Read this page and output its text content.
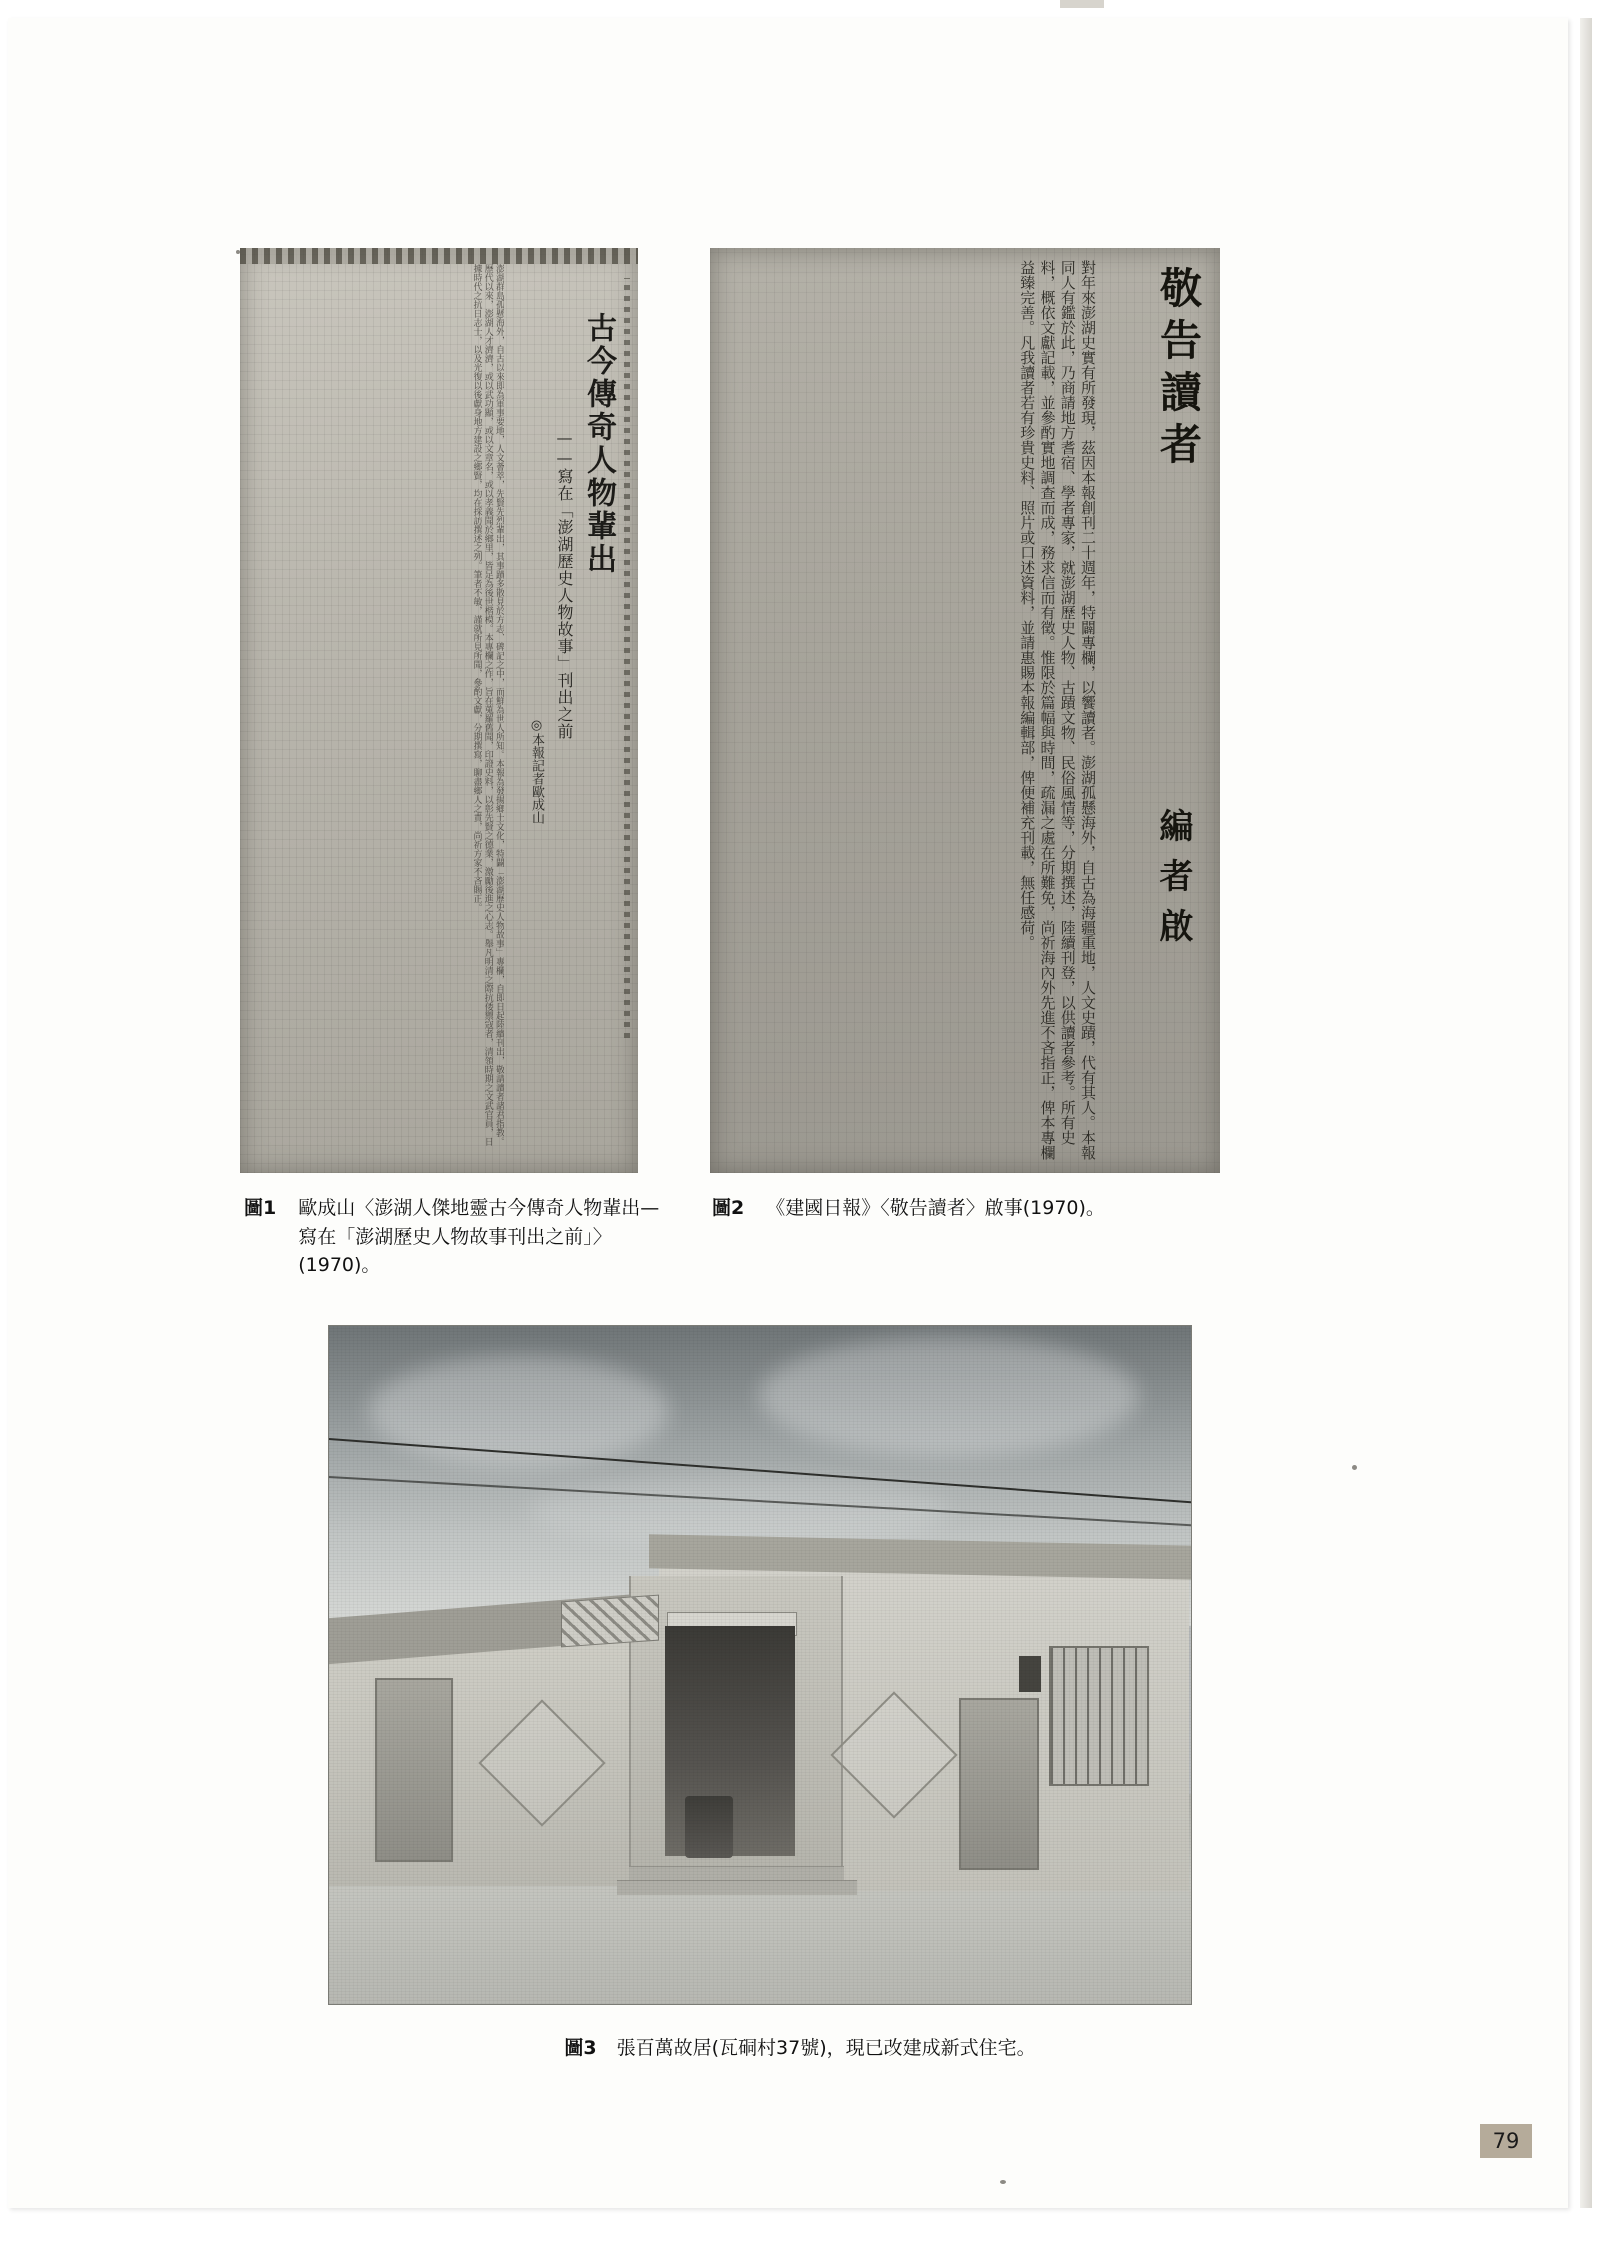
古今傳奇人物輩出
——寫在「澎湖歷史人物故事」刊出之前
◎本報記者歐成山
澎湖群島孤懸海外，自古以來即為軍事要地，人文薈萃，先賢先烈輩出，其事蹟多散見於方志、碑記之中，而鮮為世人所知。本報為發揚鄉土文化，特闢「澎湖歷史人物故事」專欄，自即日起陸續刊出，敬請讀者諸君指教。歷代以來，澎湖人才濟濟，或以武功顯，或以文章名，或以孝義聞於鄉里，皆足為後世楷模。本專欄之作，旨在蒐羅舊聞，印證史料，以彰先賢之德業，激勵後進之心志。舉凡明清之際抗倭禦寇者，清領時期之文武官員，日據時代之抗日志士，以及光復以後獻身地方建設之鄉賢，均在採訪撰述之列。筆者不敏，謹就所見所聞，參酌文獻，分期撰寫，聊盡鄉人之責，尚祈方家不吝賜正。	敬告讀者
編者啟
對年來澎湖史實有所發現，茲因本報創刊二十週年，特闢專欄，以饗讀者。澎湖孤懸海外，自古為海疆重地，人文史蹟，代有其人。本報同人有鑑於此，乃商請地方耆宿、學者專家，就澎湖歷史人物、古蹟文物、民俗風情等，分期撰述，陸續刊登，以供讀者參考。所有史料，概依文獻記載，並參酌實地調查而成，務求信而有徵。惟限於篇幅與時間，疏漏之處在所難免，尚祈海內外先進不吝指正，俾本專欄益臻完善。凡我讀者若有珍貴史料、照片或口述資料，並請惠賜本報編輯部，俾便補充刊載，無任感荷。
圖1 歐成山〈澎湖人傑地靈古今傳奇人物輩出—寫在「澎湖歷史人物故事刊出之前」〉(1970)。
圖2 《建國日報》〈敬告讀者〉啟事(1970)。
圖3 張百萬故居(瓦硐村37號)，現已改建成新式住宅。
79
